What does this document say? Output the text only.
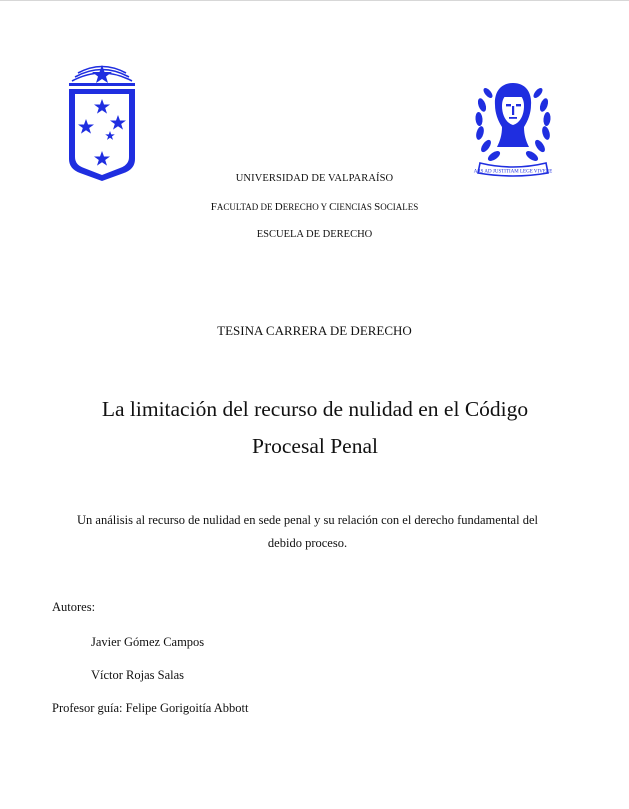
ARS AD JUSTITIAM LEGE VIVERE
UNIVERSIDAD DE VALPARAÍSO
FACULTAD DE DERECHO Y CIENCIAS SOCIALES
ESCUELA DE DERECHO
TESINA CARRERA DE DERECHO
La limitación del recurso de nulidad en el Código
Procesal Penal
Un análisis al recurso de nulidad en sede penal y su relación con el derecho fundamental del
debido proceso.
Autores:
Javier Gómez Campos
Víctor Rojas Salas
Profesor guía: Felipe Gorigoitía Abbott
